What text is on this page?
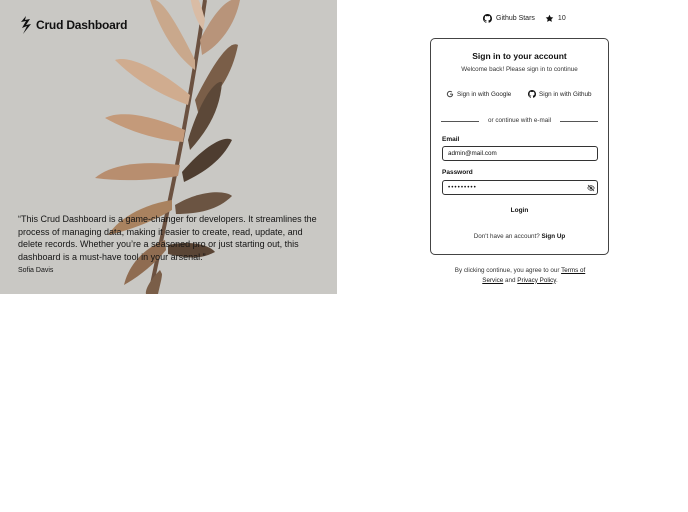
Crud Dashboard

“This Crud Dashboard is a game-changer for developers. It streamlines the process of managing data, making it easier to create, read, update, and delete records. Whether you’re a seasoned pro or just starting out, this dashboard is a must-have tool in your arsenal.”

Sofia Davis

Github Stars	10
Sign in to your account

Welcome back! Please sign in to continue

Sign in with Google	Sign in with Github
or continue with e-mail
Email
admin@mail.com
Password
•••••••••
Login

Don't have an account? Sign Up

By clicking continue, you agree to our Terms of Service and Privacy Policy.
